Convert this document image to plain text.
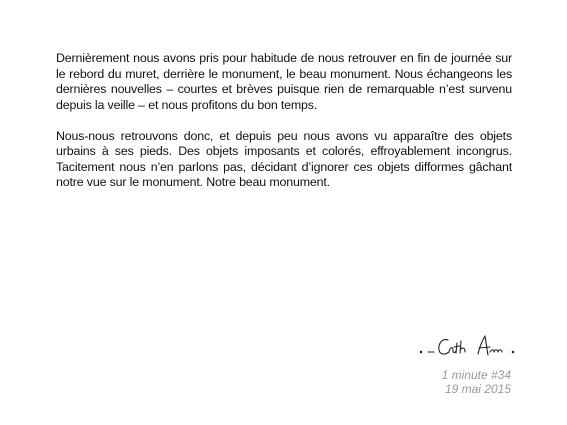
Dernièrement nous avons pris pour habitude de nous retrouver en fin de journée sur le rebord du muret, derrière le monument, le beau monument. Nous échangeons les dernières nouvelles – courtes et brèves puisque rien de remarquable n’est survenu depuis la veille – et nous profitons du bon temps.

Nous-nous retrouvons donc, et depuis peu nous avons vu apparaître des objets urbains à ses pieds. Des objets imposants et colorés, effroyablement incongrus. Tacitement nous n’en parlons pas, décidant d’ignorer ces objets difformes gâchant notre vue sur le monument. Notre beau monument.

1 minute #34
19 mai 2015
